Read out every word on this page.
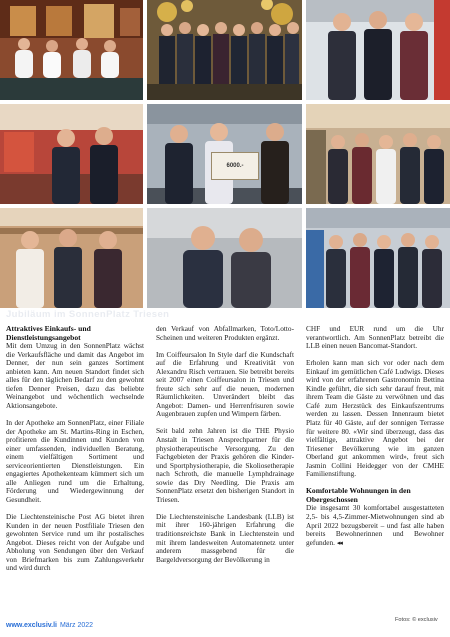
6000.-
Jubiläum im SonnenPlatz Triesen
Attraktives Einkaufs- und Dienstleistungsangebot

Mit dem Umzug in den SonnenPlatz wächst die Verkaufsfläche und damit das Angebot im Denner, der nun sein ganzes Sortiment anbieten kann. Am neuen Standort findet sich alles für den täglichen Bedarf zu den gewohnt tiefen Denner Preisen, dazu das beliebte Weinangebot und wöchentlich wechselnde Aktionsangebote.

In der Apotheke am SonnenPlatz, einer Filiale der Apotheke am St. Martins-Ring in Eschen, profitieren die Kundinnen und Kunden von einer umfassenden, individuellen Beratung, einem vielfältigen Sortiment und serviceorientierten Dienstleistungen. Ein engagiertes Apothekenteam kümmert sich um alle Anliegen rund um die Erhaltung, Förderung und Wiedergewinnung der Gesundheit.

Die Liechtensteinische Post AG bietet ihren Kunden in der neuen Postfiliale Triesen den gewohnten Service rund um ihr postalisches Angebot. Dieses reicht von der Aufgabe und Abholung von Sendungen über den Verkauf von Briefmarken bis zum Zahlungsverkehr und wird durch

den Verkauf von Abfallmarken, Toto/Lotto-Scheinen und weiteren Produkten ergänzt.

Im Coiffeursalon In Style darf die Kundschaft auf die Erfahrung und Kreativität von Alexandru Risch vertrauen. Sie betreibt bereits seit 2007 einen Coiffeursalon in Triesen und freute sich sehr auf die neuen, modernen Räumlichkeiten. Unverändert bleibt das Angebot: Damen- und Herrenfrisuren sowie Augenbrauen zupfen und Wimpern färben.

Seit bald zehn Jahren ist die THE Physio Anstalt in Triesen Ansprechpartner für die physiotherapeutische Versorgung. Zu den Fachgebieten der Praxis gehören die Kinder- und Sportphysiotherapie, die Skoliosetherapie nach Schroth, die manuelle Lymphdrainage sowie das Dry Needling. Die Praxis am SonnenPlatz ersetzt den bisherigen Standort in Triesen.

Die Liechtensteinische Landesbank (LLB) ist mit ihrer 160-jährigen Erfahrung die traditionsreichste Bank in Liechtenstein und mit ihrem landesweiten Automatennetz unter anderem massgebend für die Bargeldversorgung der Bevölkerung in

CHF und EUR rund um die Uhr verantwortlich. Am SonnenPlatz betreibt die LLB einen neuen Bancomat-Standort.

Erholen kann man sich vor oder nach dem Einkauf im gemütlichen Café Ludwigs. Dieses wird von der erfahrenen Gastronomin Bettina Kindle geführt, die sich sehr darauf freut, mit ihrem Team die Gäste zu verwöhnen und das Café zum Herzstück des Einkaufszentrums werden zu lassen. Dessen Innenraum bietet Platz für 40 Gäste, auf der sonnigen Terrasse für weitere 80. «Wir sind überzeugt, dass das vielfältige, attraktive Angebot bei der Triesener Bevölkerung wie im ganzen Oberland gut ankommen wird», freut sich Jasmin Collini Heidegger von der CMHE Familienstiftung.

Komfortable Wohnungen in den Obergeschossen

Die insgesamt 30 komfortabel ausgestatteten 2,5- bis 4,5-Zimmer-Mietwohnungen sind ab April 2022 bezugsbereit – und fast alle haben bereits Bewohnerinnen und Bewohner gefunden. ◂◂

Fotos: © exclusiv
www.exclusiv.li März 2022
